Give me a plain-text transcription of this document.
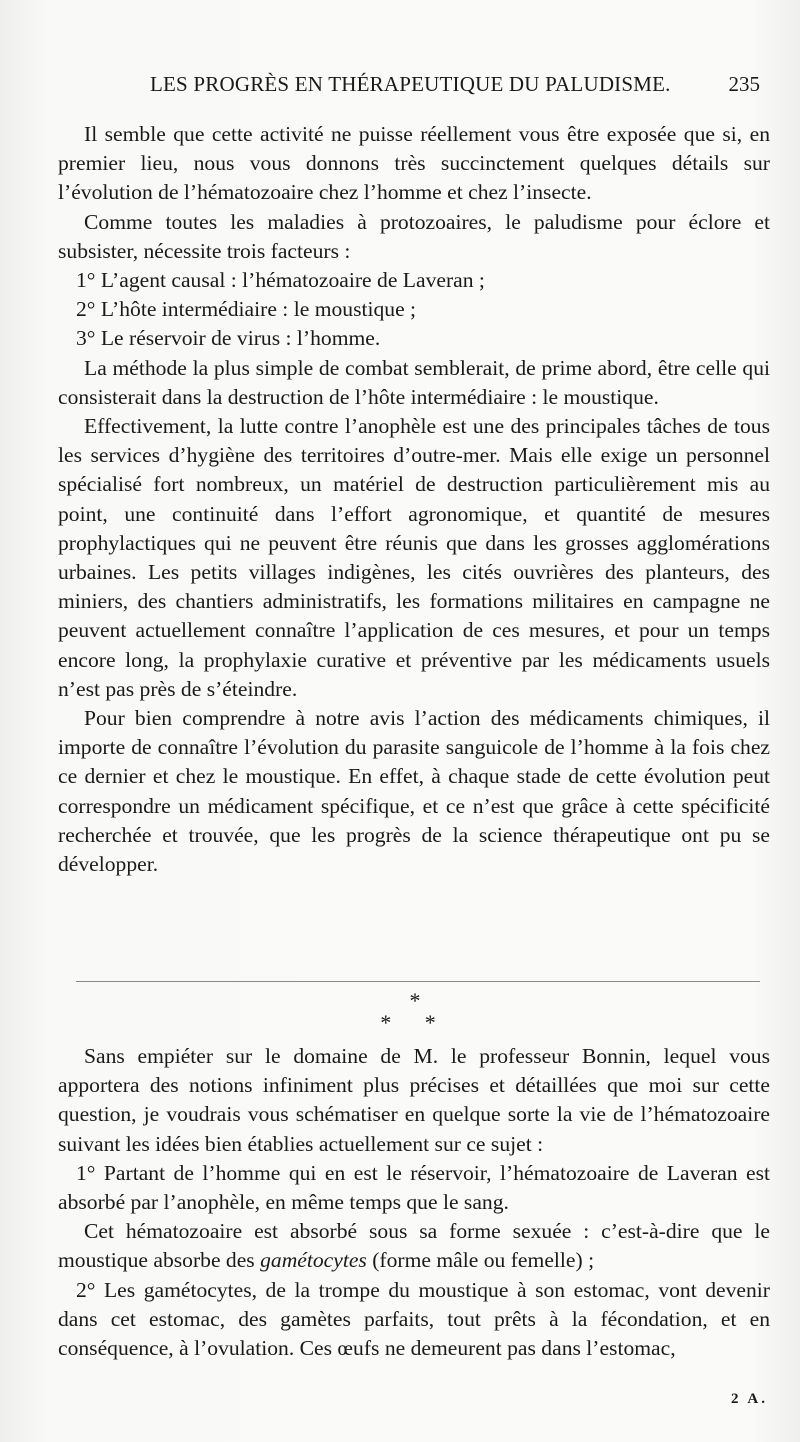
LES PROGRÈS EN THÉRAPEUTIQUE DU PALUDISME.	235

Il semble que cette activité ne puisse réellement vous être exposée que si, en premier lieu, nous vous donnons très succinctement quelques détails sur l’évolution de l’hématozoaire chez l’homme et chez l’insecte.

Comme toutes les maladies à protozoaires, le paludisme pour éclore et subsister, nécessite trois facteurs :

1° L’agent causal : l’hématozoaire de Laveran ;

2° L’hôte intermédiaire : le moustique ;

3° Le réservoir de virus : l’homme.

La méthode la plus simple de combat semblerait, de prime abord, être celle qui consisterait dans la destruction de l’hôte intermédiaire : le moustique.

Effectivement, la lutte contre l’anophèle est une des principales tâches de tous les services d’hygiène des territoires d’outre-mer. Mais elle exige un personnel spécialisé fort nombreux, un matériel de destruction particulièrement mis au point, une continuité dans l’effort agronomique, et quantité de mesures prophylactiques qui ne peuvent être réunis que dans les grosses agglomérations urbaines. Les petits villages indigènes, les cités ouvrières des planteurs, des miniers, des chantiers administratifs, les formations militaires en campagne ne peuvent actuellement connaître l’application de ces mesures, et pour un temps encore long, la prophylaxie curative et préventive par les médicaments usuels n’est pas près de s’éteindre.

Pour bien comprendre à notre avis l’action des médicaments chimiques, il importe de connaître l’évolution du parasite sanguicole de l’homme à la fois chez ce dernier et chez le moustique. En effet, à chaque stade de cette évolution peut correspondre un médicament spécifique, et ce n’est que grâce à cette spécificité recherchée et trouvée, que les progrès de la science thérapeutique ont pu se développer.

*
* *

Sans empiéter sur le domaine de M. le professeur Bonnin, lequel vous apportera des notions infiniment plus précises et détaillées que moi sur cette question, je voudrais vous schématiser en quelque sorte la vie de l’hématozoaire suivant les idées bien établies actuellement sur ce sujet :

1° Partant de l’homme qui en est le réservoir, l’hématozoaire de Laveran est absorbé par l’anophèle, en même temps que le sang.

Cet hématozoaire est absorbé sous sa forme sexuée : c’est-à-dire que le moustique absorbe des gamétocytes (forme mâle ou femelle) ;

2° Les gamétocytes, de la trompe du moustique à son estomac, vont devenir dans cet estomac, des gamètes parfaits, tout prêts à la fécondation, et en conséquence, à l’ovulation. Ces œufs ne demeurent pas dans l’estomac,

2 A.
